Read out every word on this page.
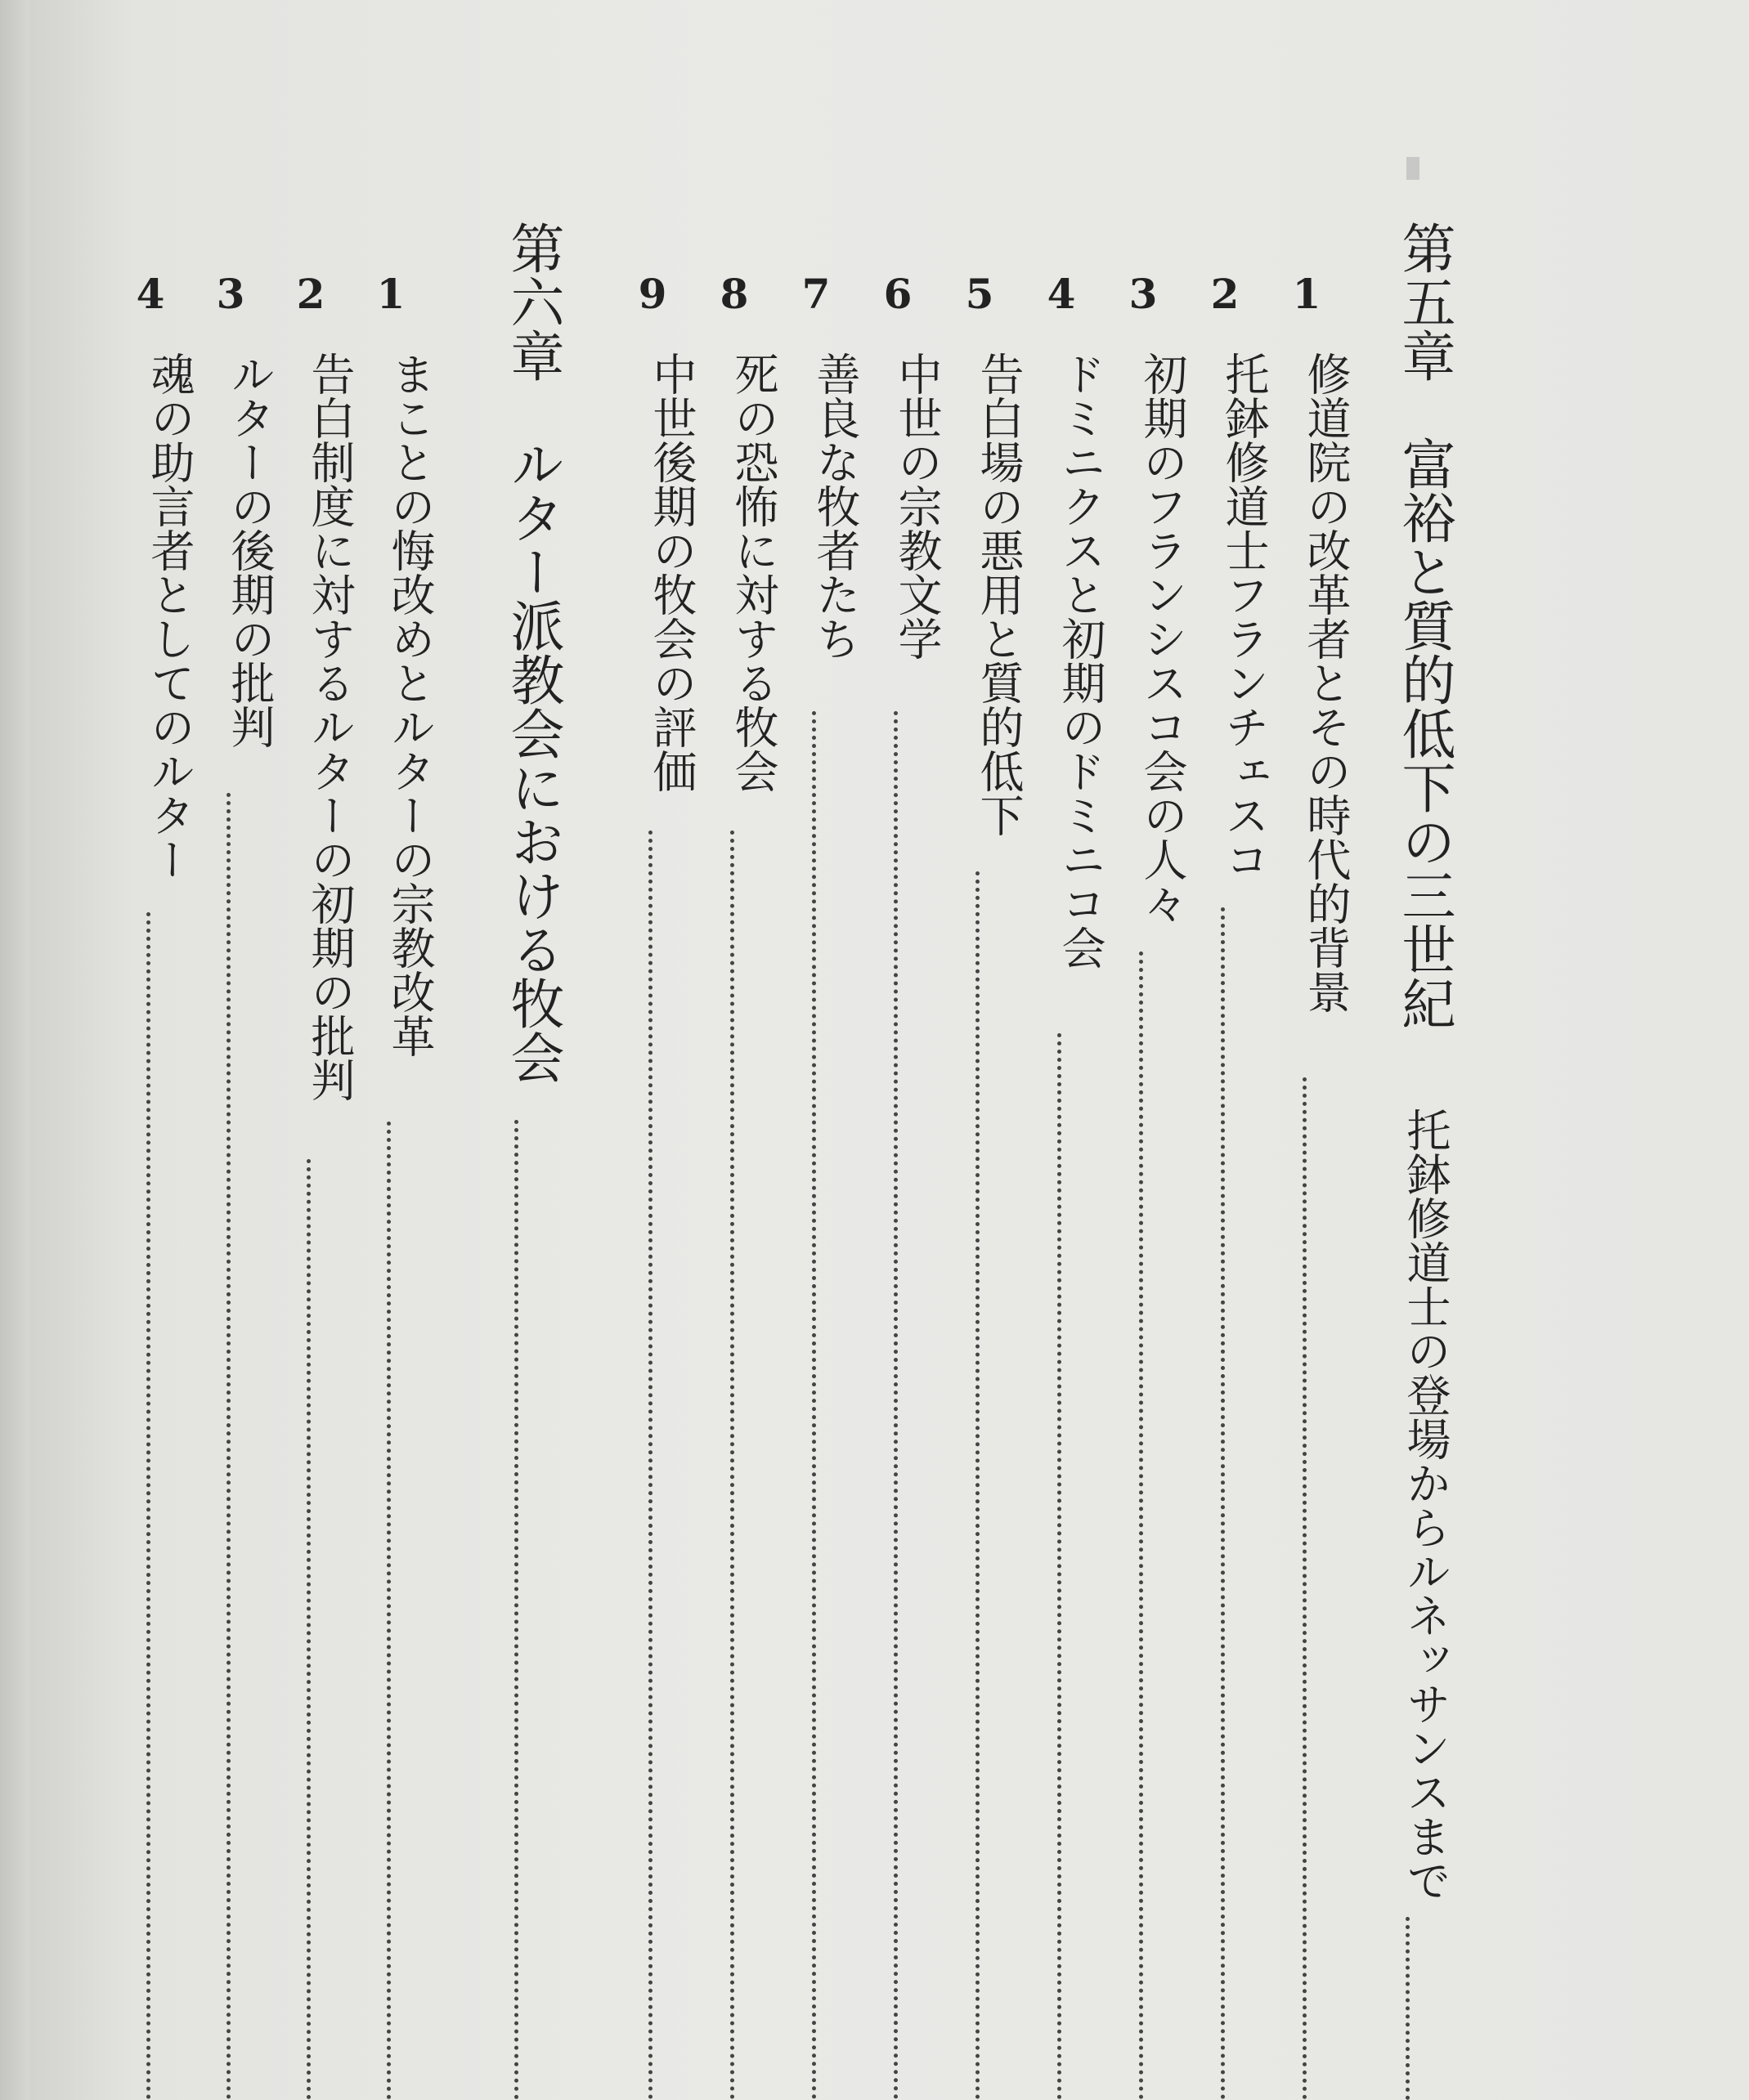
第五章　富裕と質的低下の三世紀
托鉢修道士の登場からルネッサンスまで
1
修道院の改革者とその時代的背景
2
托鉢修道士フランチェスコ
3
初期のフランシスコ会の人々
4
ドミニクスと初期のドミニコ会
5
告白場の悪用と質的低下
6
中世の宗教文学
7
善良な牧者たち
8
死の恐怖に対する牧会
9
中世後期の牧会の評価
第六章　ルター派教会における牧会
1
まことの悔改めとルターの宗教改革
2
告白制度に対するルターの初期の批判
3
ルターの後期の批判
4
魂の助言者としてのルター
